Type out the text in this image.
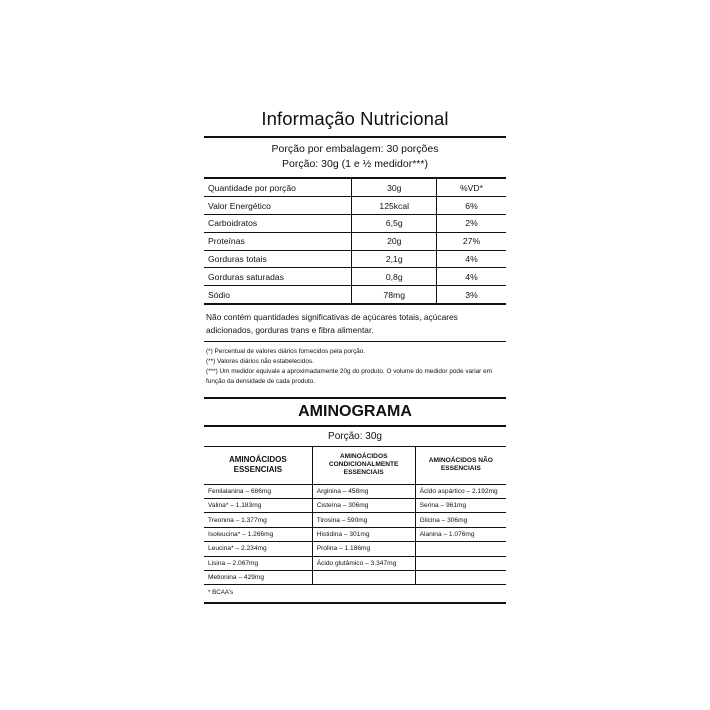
Informação Nutricional
Porção por embalagem: 30 porções
Porção: 30g (1 e ½ medidor***)
Quantidade por porção	30g	%VD*
Valor Energético	125kcal	6%
Carboidratos	6,5g	2%
Proteínas	20g	27%
Gorduras totais	2,1g	4%
Gorduras saturadas	0,8g	4%
Sódio	78mg	3%
Não contém quantidades significativas de açúcares totais, açúcares adicionados, gorduras trans e fibra alimentar.
(*) Percentual de valores diários fornecidos pela porção.
(**) Valores diários não estabelecidos.
(***) Um medidor equivale a aproximadamente 20g do produto. O volume do medidor pode variar em função da densidade de cada produto.
AMINOGRAMA
Porção: 30g
AMINOÁCIDOS ESSENCIAIS	AMINOÁCIDOS CONDICIONALMENTE ESSENCIAIS	AMINOÁCIDOS NÃO ESSENCIAIS
Fenilalanina – 686mg	Arginina – 458mg	Ácido aspártico – 2.192mg
Valina* – 1.183mg	Cisteína – 306mg	Serina – 961mg
Treonina – 1.377mg	Tirosina – 590mg	Glicina – 306mg
Isoleucina* – 1.266mg	Histidina – 301mg	Alanina – 1.076mg
Leucina* – 2.234mg	Prolina – 1.186mg	
Lisina – 2.067mg	Ácido glutâmico – 3.347mg	
Metionina – 429mg		
* BCAA's
